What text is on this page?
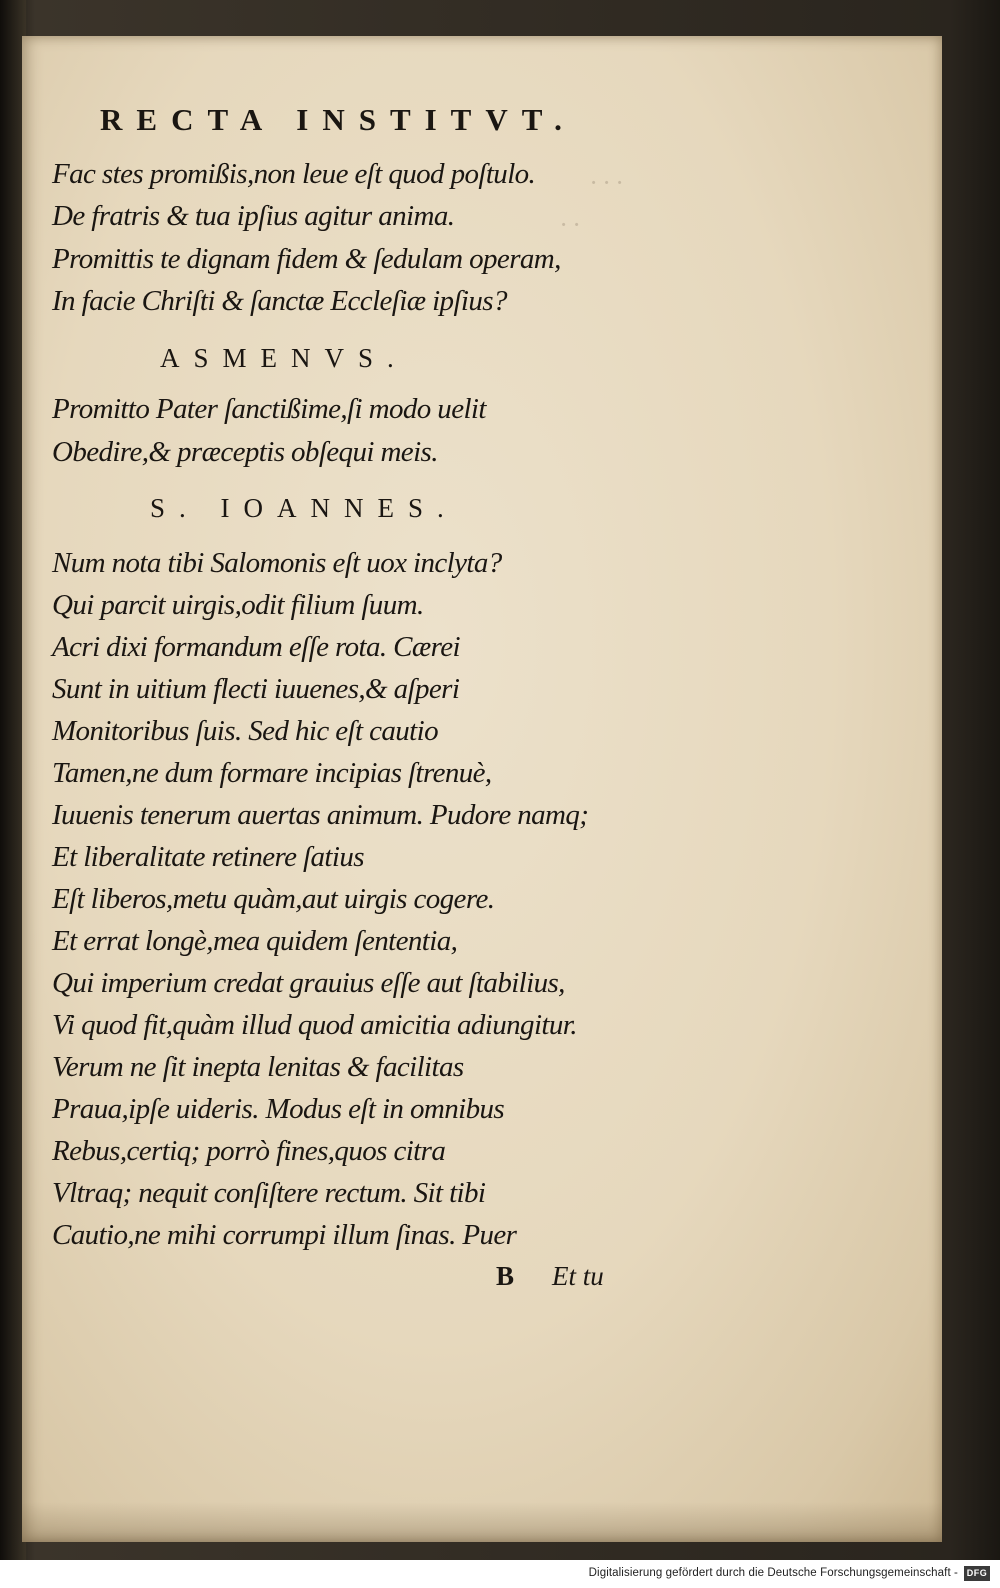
· · ·
· ·
RECTA INSTITVT.
Fac stes promißis,non leue eſt quod poſtulo.
De fratris & tua ipſius agitur anima.
Promittis te dignam fidem & ſedulam operam,
In facie Chriſti & ſanctæ Eccleſiæ ipſius?
ASMENVS.
Promitto Pater ſanctißime,ſi modo uelit
Obedire,& præceptis obſequi meis.
S. IOANNES.
Num nota tibi Salomonis eſt uox inclyta?
Qui parcit uirgis,odit filium ſuum.
Acri dixi formandum eſſe rota. Cærei
Sunt in uitium flecti iuuenes,& aſperi
Monitoribus ſuis. Sed hic eſt cautio
Tamen,ne dum formare incipias ſtrenuè,
Iuuenis tenerum auertas animum. Pudore namq;
Et liberalitate retinere ſatius
Eſt liberos,metu quàm,aut uirgis cogere.
Et errat longè,mea quidem ſententia,
Qui imperium credat grauius eſſe aut ſtabilius,
Vi quod fit,quàm illud quod amicitia adiungitur.
Verum ne ſit inepta lenitas & facilitas
Praua,ipſe uideris. Modus eſt in omnibus
Rebus,certiq; porrò fines,quos citra
Vltraq; nequit conſiſtere rectum. Sit tibi
Cautio,ne mihi corrumpi illum ſinas. Puer
B Et tu
Digitalisierung gefördert durch die Deutsche Forschungsgemeinschaft - DFG
